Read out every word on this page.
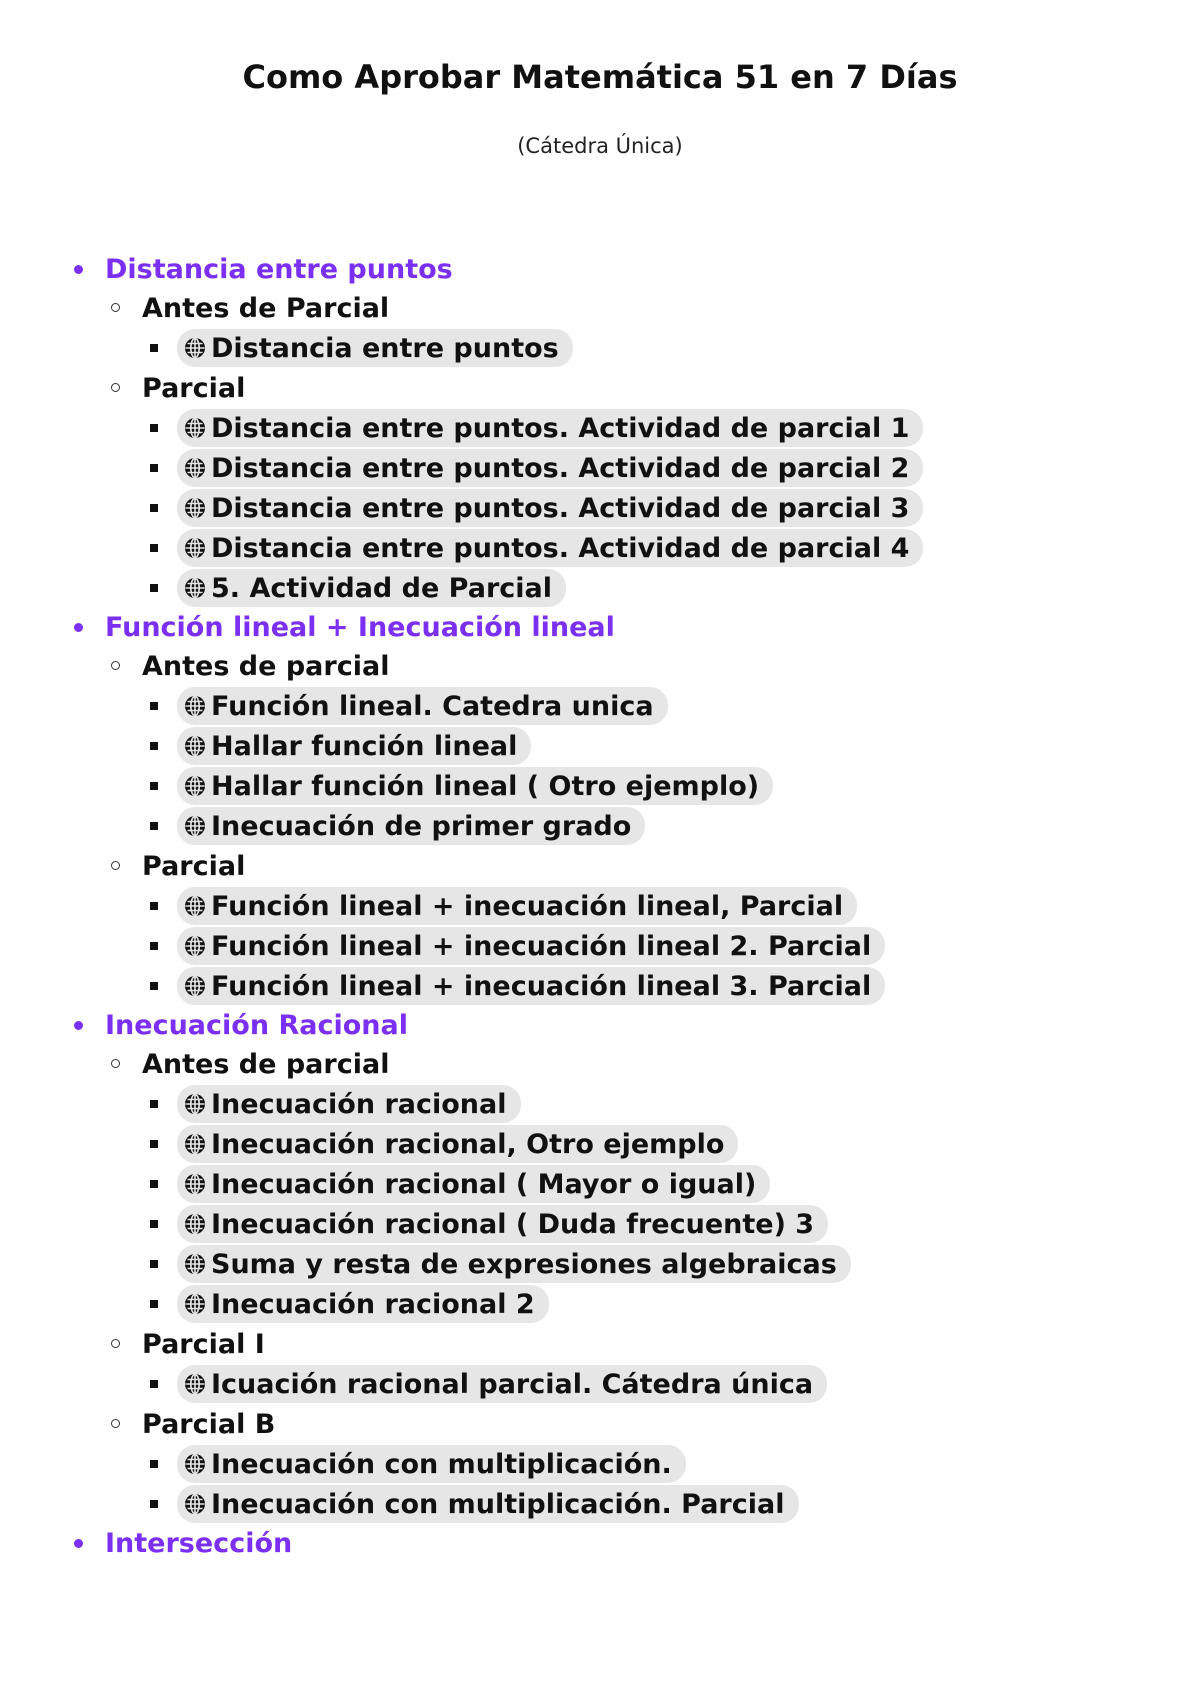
Como Aprobar Matemática 51 en 7 Días
(Cátedra Única)
Distancia entre puntos
Antes de Parcial
Distancia entre puntos
Parcial
Distancia entre puntos. Actividad de parcial 1
Distancia entre puntos. Actividad de parcial 2
Distancia entre puntos. Actividad de parcial 3
Distancia entre puntos. Actividad de parcial 4
5. Actividad de Parcial
Función lineal + Inecuación lineal
Antes de parcial
Función lineal. Catedra unica
Hallar función lineal
Hallar función lineal ( Otro ejemplo)
Inecuación de primer grado
Parcial
Función lineal + inecuación lineal, Parcial
Función lineal + inecuación lineal 2. Parcial
Función lineal + inecuación lineal 3. Parcial
Inecuación Racional
Antes de parcial
Inecuación racional
Inecuación racional, Otro ejemplo
Inecuación racional ( Mayor o igual)
Inecuación racional ( Duda frecuente) 3
Suma y resta de expresiones algebraicas
Inecuación racional 2
Parcial I
Icuación racional parcial. Cátedra única
Parcial B
Inecuación con multiplicación.
Inecuación con multiplicación. Parcial
Intersección
